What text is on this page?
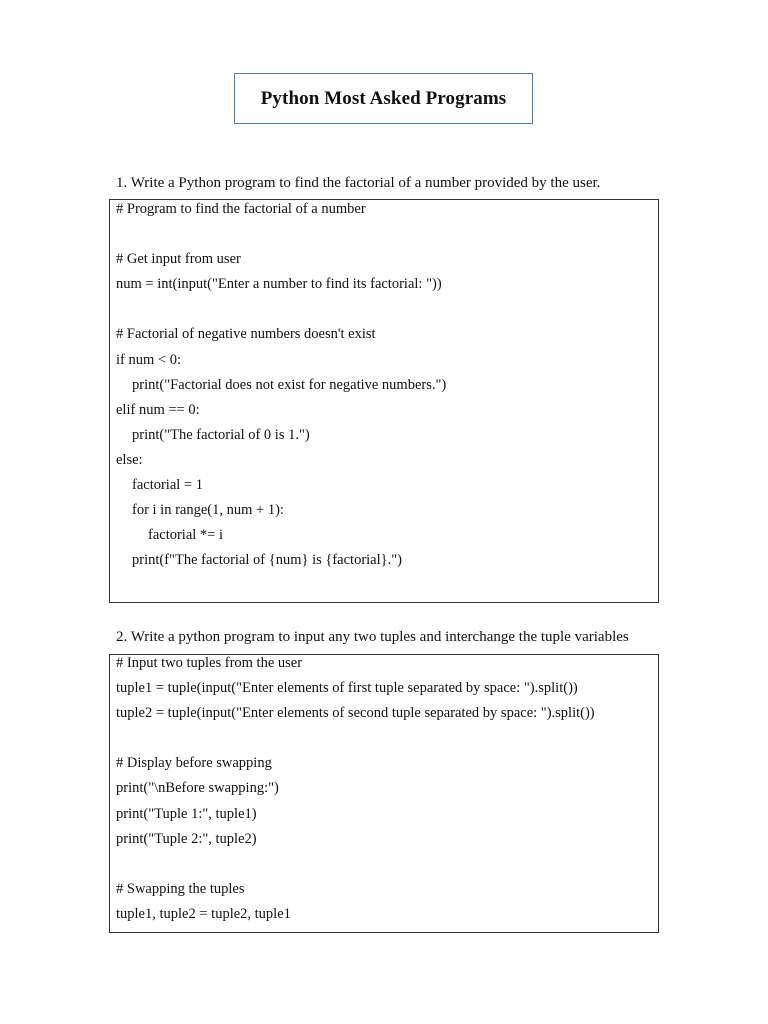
Python Most Asked Programs
1. Write a Python program to find the factorial of a number provided by the user.
# Program to find the factorial of a number
# Get input from user
num = int(input("Enter a number to find its factorial: "))
# Factorial of negative numbers doesn't exist
if num < 0:
print("Factorial does not exist for negative numbers.")
elif num == 0:
print("The factorial of 0 is 1.")
else:
factorial = 1
for i in range(1, num + 1):
factorial *= i
print(f"The factorial of {num} is {factorial}.")
2. Write a python program to input any two tuples and interchange the tuple variables
# Input two tuples from the user
tuple1 = tuple(input("Enter elements of first tuple separated by space: ").split())
tuple2 = tuple(input("Enter elements of second tuple separated by space: ").split())
# Display before swapping
print("\nBefore swapping:")
print("Tuple 1:", tuple1)
print("Tuple 2:", tuple2)
# Swapping the tuples
tuple1, tuple2 = tuple2, tuple1
